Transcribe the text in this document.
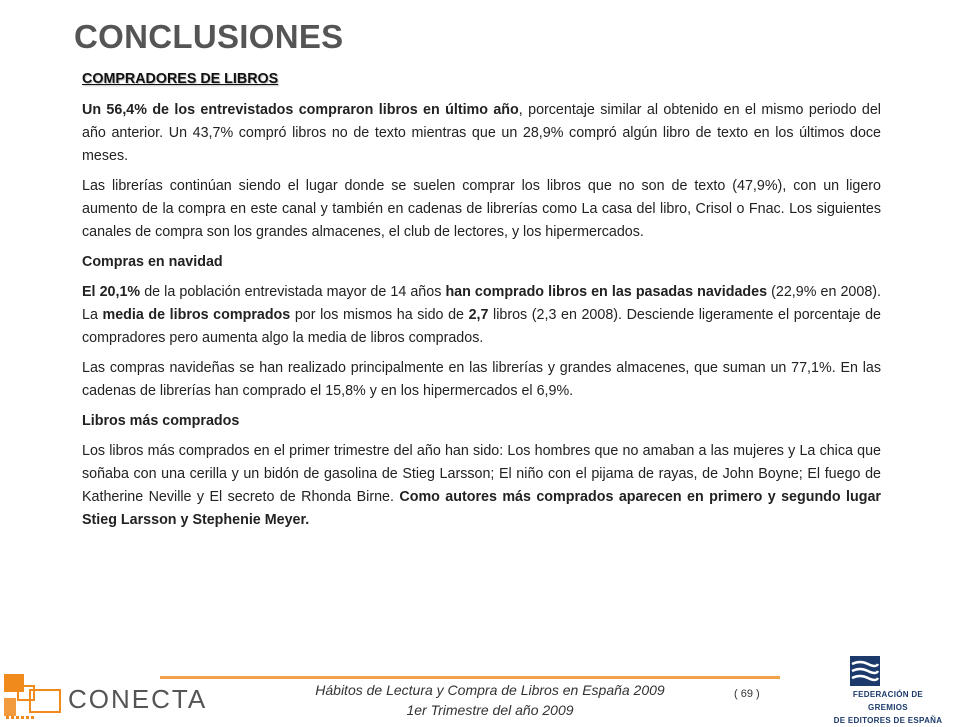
CONCLUSIONES
COMPRADORES DE LIBROS

Un 56,4% de los entrevistados compraron libros en último año, porcentaje similar al obtenido en el mismo periodo del año anterior. Un 43,7% compró libros no de texto mientras que un 28,9% compró algún libro de texto en los últimos doce meses.

Las librerías continúan siendo el lugar donde se suelen comprar los libros que no son de texto (47,9%), con un ligero aumento de la compra en este canal y también en cadenas de librerías como La casa del libro, Crisol o Fnac. Los siguientes canales de compra son los grandes almacenes, el club de lectores, y los hipermercados.

Compras en navidad

El 20,1% de la población entrevistada mayor de 14 años han comprado libros en las pasadas navidades (22,9% en 2008). La media de libros comprados por los mismos ha sido de 2,7 libros (2,3 en 2008). Desciende ligeramente el porcentaje de compradores pero aumenta algo la media de libros comprados.

Las compras navideñas se han realizado principalmente en las librerías y grandes almacenes, que suman un 77,1%. En las cadenas de librerías han comprado el 15,8% y en los hipermercados el 6,9%.

Libros más comprados

Los libros más comprados en el primer trimestre del año han sido: Los hombres que no amaban a las mujeres y La chica que soñaba con una cerilla y un bidón de gasolina de Stieg Larsson; El niño con el pijama de rayas, de John Boyne; El fuego de Katherine Neville y El secreto de Rhonda Birne. Como autores más comprados aparecen en primero y segundo lugar Stieg Larsson y Stephenie Meyer.

CONECTA	Hábitos de Lectura y Compra de Libros en España 2009
1er Trimestre del año 2009
( 69 )	FEDERACIÓN DE GREMIOS
DE EDITORES DE ESPAÑA
